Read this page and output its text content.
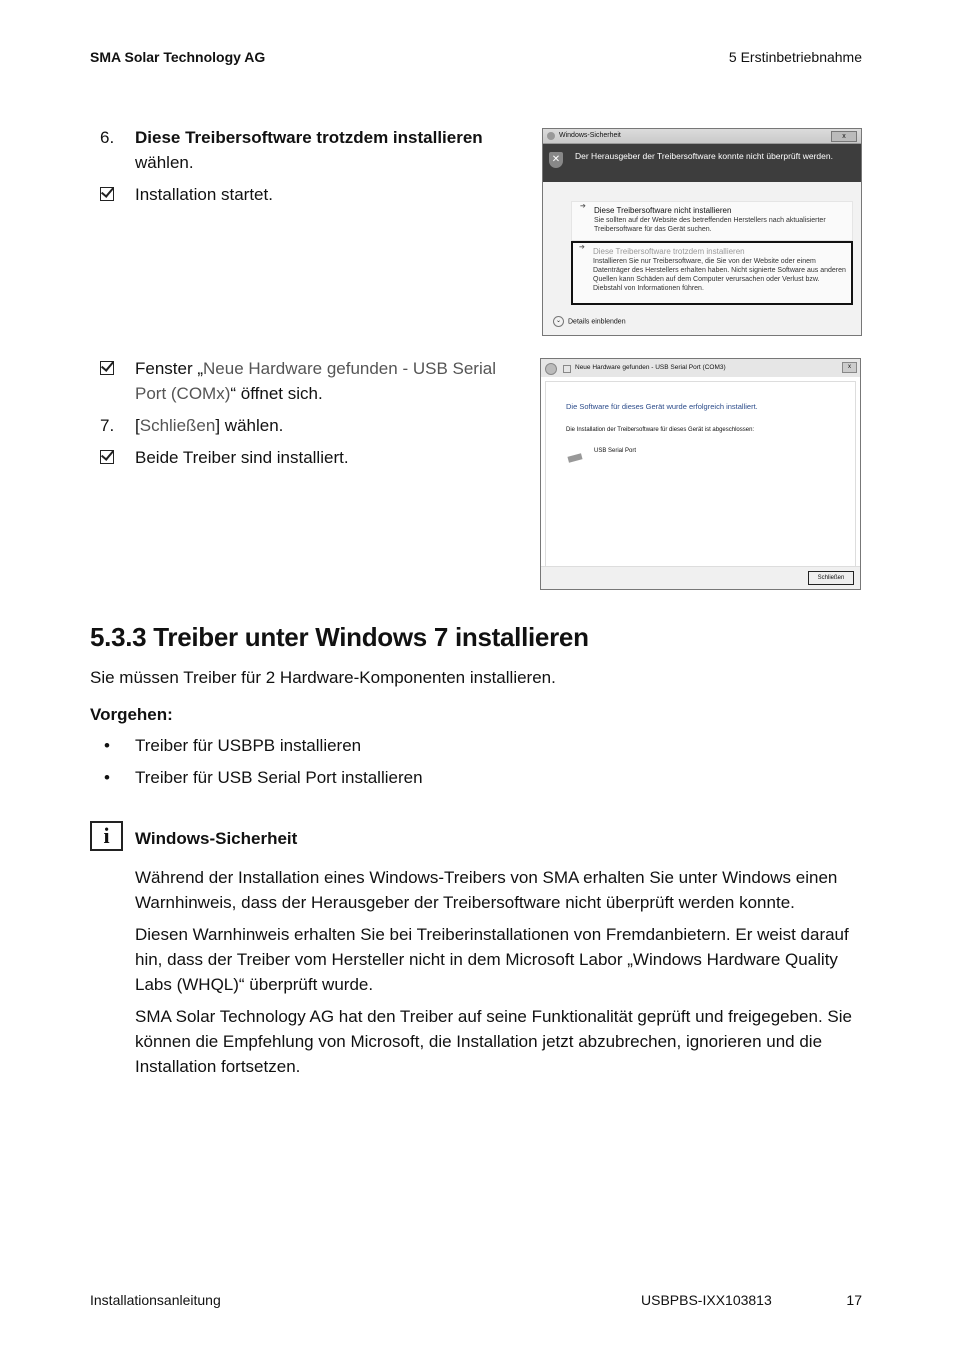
SMA Solar Technology AG	5 Erstinbetriebnahme
6. Diese Treibersoftware trotzdem installieren
wählen.
Installation startet.
Windows-Sicherheit	x
✕	Der Herausgeber der Treibersoftware konnte nicht überprüft werden.
➔ Diese Treibersoftware nicht installieren
Sie sollten auf der Website des betreffenden Herstellers nach aktualisierter Treibersoftware für das Gerät suchen.
➔ Diese Treibersoftware trotzdem installieren
Installieren Sie nur Treibersoftware, die Sie von der Website oder einem Datenträger des Herstellers erhalten haben. Nicht signierte Software aus anderen Quellen kann Schäden auf dem Computer verursachen oder Verlust bzw. Diebstahl von Informationen führen.
⌄ Details einblenden
Fenster „Neue Hardware gefunden - USB Serial Port (COMx)“ öffnet sich.
7. [Schließen] wählen.
Beide Treiber sind installiert.
Neue Hardware gefunden - USB Serial Port (COM3)	x
Die Software für dieses Gerät wurde erfolgreich installiert.
Die Installation der Treibersoftware für dieses Gerät ist abgeschlossen:
USB Serial Port
Schließen
5.3.3 Treiber unter Windows 7 installieren
Sie müssen Treiber für 2 Hardware-Komponenten installieren.
Vorgehen:
• Treiber für USBPB installieren
• Treiber für USB Serial Port installieren
i	Windows-Sicherheit
Während der Installation eines Windows-Treibers von SMA erhalten Sie unter Windows einen Warnhinweis, dass der Herausgeber der Treibersoftware nicht überprüft werden konnte.
Diesen Warnhinweis erhalten Sie bei Treiberinstallationen von Fremdanbietern. Er weist darauf hin, dass der Treiber vom Hersteller nicht in dem Microsoft Labor „Windows Hardware Quality Labs (WHQL)“ überprüft wurde.
SMA Solar Technology AG hat den Treiber auf seine Funktionalität geprüft und freigegeben. Sie können die Empfehlung von Microsoft, die Installation jetzt abzubrechen, ignorieren und die Installation fortsetzen.
Installationsanleitung	USBPBS-IXX103813	17
